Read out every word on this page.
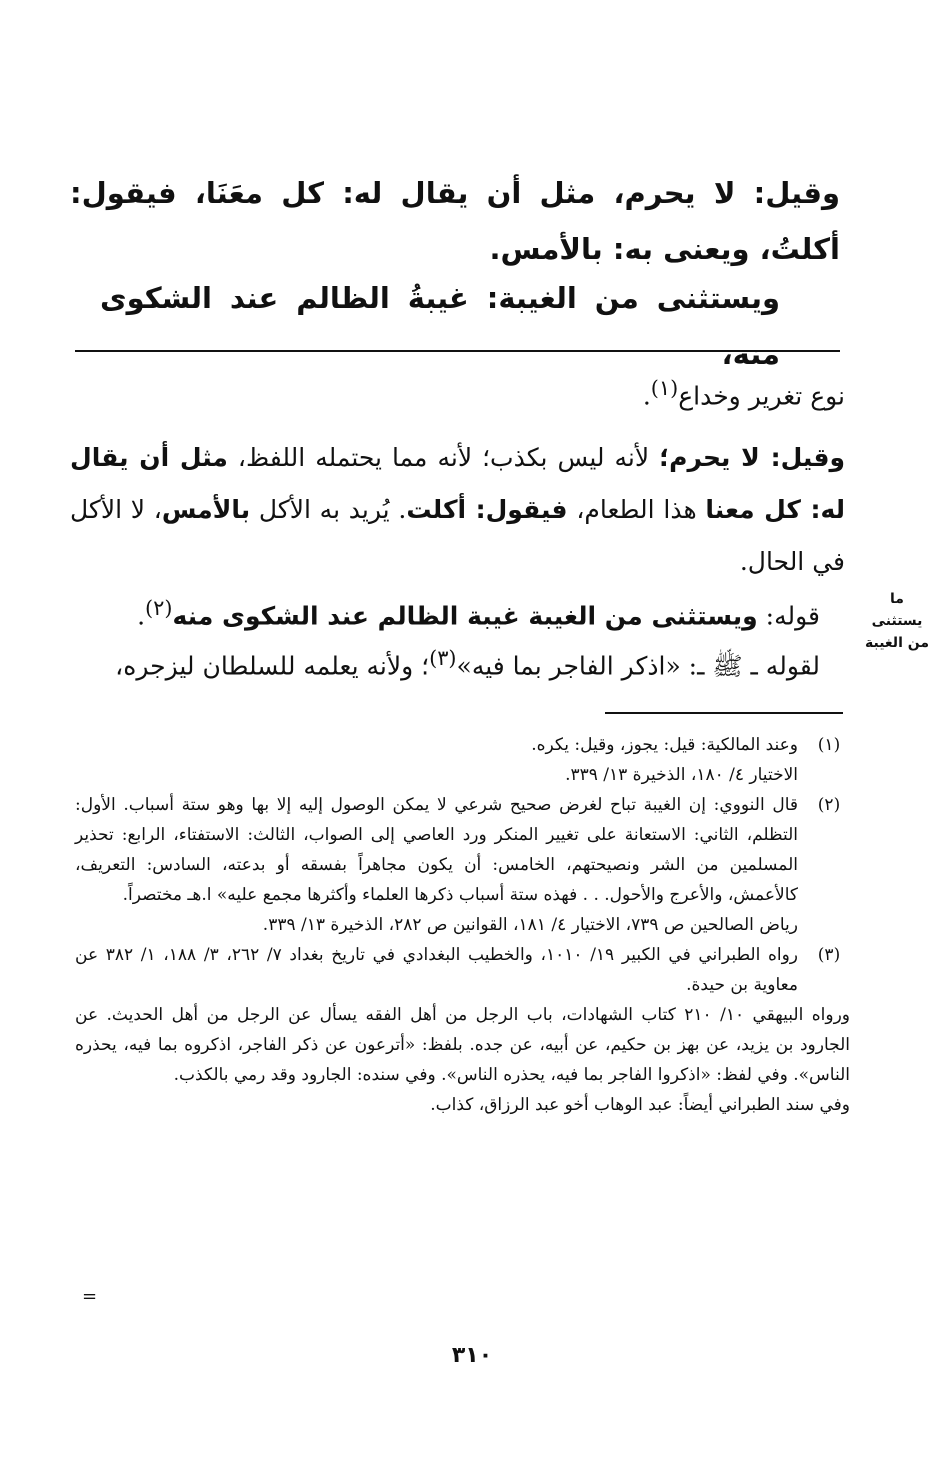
وقيل: لا يحرم، مثل أن يقال له: كل معَنَا، فيقول: أكلتُ، ويعنى به: بالأمس.
ويستثنى من الغيبة: غيبةُ الظالم عند الشكوى منه،
نوع تغرير وخداع$^{(١)}$.
وقيل: لا يحرم؛ لأنه ليس بكذب؛ لأنه مما يحتمله اللفظ، مثل أن يقال له: كل معنا هذا الطعام، فيقول: أكلت. يُريد به الأكل بالأمس، لا الأكل في الحال.
قوله: ويستثنى من الغيبة غيبة الظالم عند الشكوى منه$^{(٢)}$.
لقوله ـ ﷺ ـ: «اذكر الفاجر بما فيه»$^{(٣)}$؛ ولأنه يعلمه للسلطان ليزجره،
ما
يستثنى
من الغيبة
(١)

وعند المالكية: قيل: يجوز، وقيل: يكره.

الاختيار ٤/ ١٨٠، الذخيرة ١٣/ ٣٣٩.

(٢)

قال النووي: إن الغيبة تباح لغرض صحيح شرعي لا يمكن الوصول إليه إلا بها وهو ستة أسباب. الأول: التظلم، الثاني: الاستعانة على تغيير المنكر ورد العاصي إلى الصواب، الثالث: الاستفتاء، الرابع: تحذير المسلمين من الشر ونصيحتهم، الخامس: أن يكون مجاهراً بفسقه أو بدعته، السادس: التعريف، كالأعمش، والأعرج والأحول. . . فهذه ستة أسباب ذكرها العلماء وأكثرها مجمع عليه» ا.هـ مختصراً.

رياض الصالحين ص ٧٣٩، الاختيار ٤/ ١٨١، القوانين ص ٢٨٢، الذخيرة ١٣/ ٣٣٩.

(٣)

رواه الطبراني في الكبير ١٩/ ١٠١٠، والخطيب البغدادي في تاريخ بغداد ٧/ ٢٦٢، ٣/ ١٨٨، ١/ ٣٨٢ عن معاوية بن حيدة.

ورواه البيهقي ١٠/ ٢١٠ كتاب الشهادات، باب الرجل من أهل الفقه يسأل عن الرجل من أهل الحديث. عن الجارود بن يزيد، عن بهز بن حكيم، عن أبيه، عن جده. بلفظ: «أترعون عن ذكر الفاجر، اذكروه بما فيه، يحذره الناس». وفي لفظ: «اذكروا الفاجر بما فيه، يحذره الناس». وفي سنده: الجارود وقد رمي بالكذب.

وفي سند الطبراني أيضاً: عبد الوهاب أخو عبد الرزاق، كذاب.

=
٣١٠
